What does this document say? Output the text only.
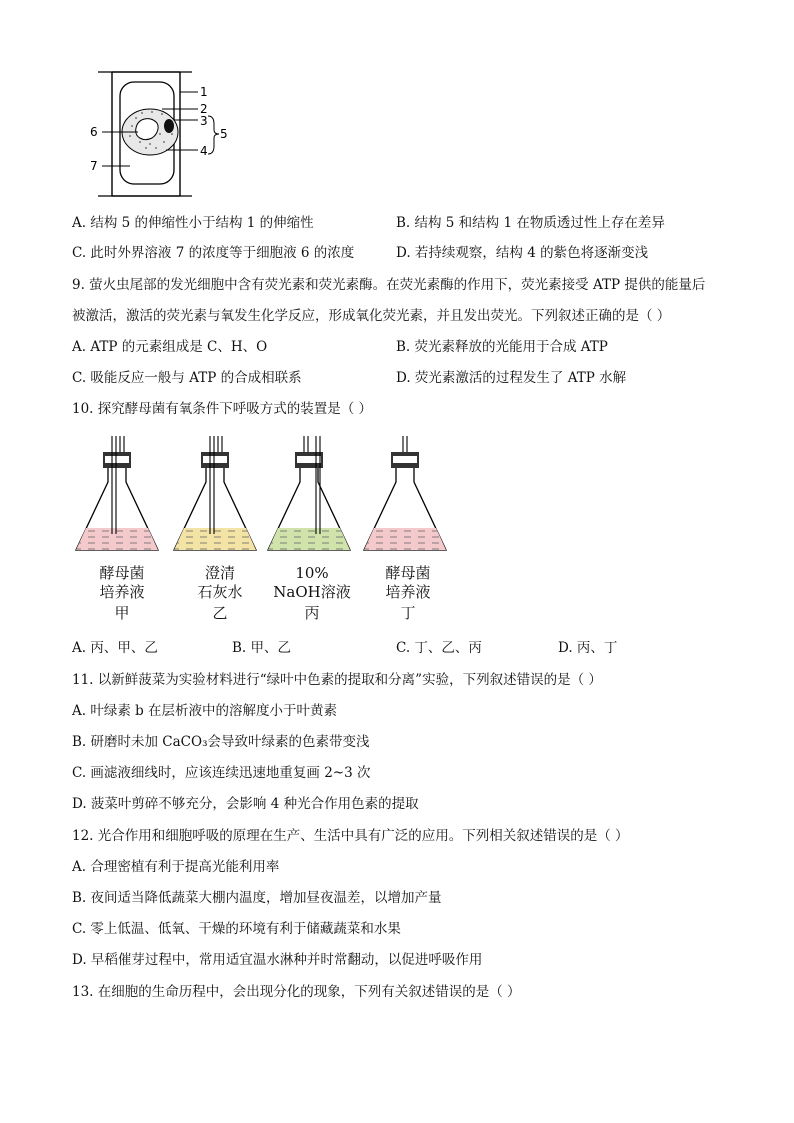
1
2
3
4
5
6
7
A. 结构 5 的伸缩性小于结构 1 的伸缩性	B. 结构 5 和结构 1 在物质透过性上存在差异
C. 此时外界溶液 7 的浓度等于细胞液 6 的浓度	D. 若持续观察，结构 4 的紫色将逐渐变浅
9. 萤火虫尾部的发光细胞中含有荧光素和荧光素酶。在荧光素酶的作用下，荧光素接受 ATP 提供的能量后
被激活，激活的荧光素与氧发生化学反应，形成氧化荧光素，并且发出荧光。下列叙述正确的是（ ）
A. ATP 的元素组成是 C、H、O	B. 荧光素释放的光能用于合成 ATP
C. 吸能反应一般与 ATP 的合成相联系	D. 荧光素激活的过程发生了 ATP 水解
10. 探究酵母菌有氧条件下呼吸方式的装置是（ ）
酵母菌
培养液
甲
澄清
石灰水
乙
10%
NaOH溶液
丙
酵母菌
培养液
丁
A. 丙、甲、乙	B. 甲、乙	C. 丁、乙、丙	D. 丙、丁
11. 以新鲜菠菜为实验材料进行“绿叶中色素的提取和分离”实验，下列叙述错误的是（ ）
A. 叶绿素 b 在层析液中的溶解度小于叶黄素
B. 研磨时未加 CaCO₃会导致叶绿素的色素带变浅
C. 画滤液细线时，应该连续迅速地重复画 2~3 次
D. 菠菜叶剪碎不够充分，会影响 4 种光合作用色素的提取
12. 光合作用和细胞呼吸的原理在生产、生活中具有广泛的应用。下列相关叙述错误的是（ ）
A. 合理密植有利于提高光能利用率
B. 夜间适当降低蔬菜大棚内温度，增加昼夜温差，以增加产量
C. 零上低温、低氧、干燥的环境有利于储藏蔬菜和水果
D. 早稻催芽过程中，常用适宜温水淋种并时常翻动，以促进呼吸作用
13. 在细胞的生命历程中，会出现分化的现象，下列有关叙述错误的是（ ）
